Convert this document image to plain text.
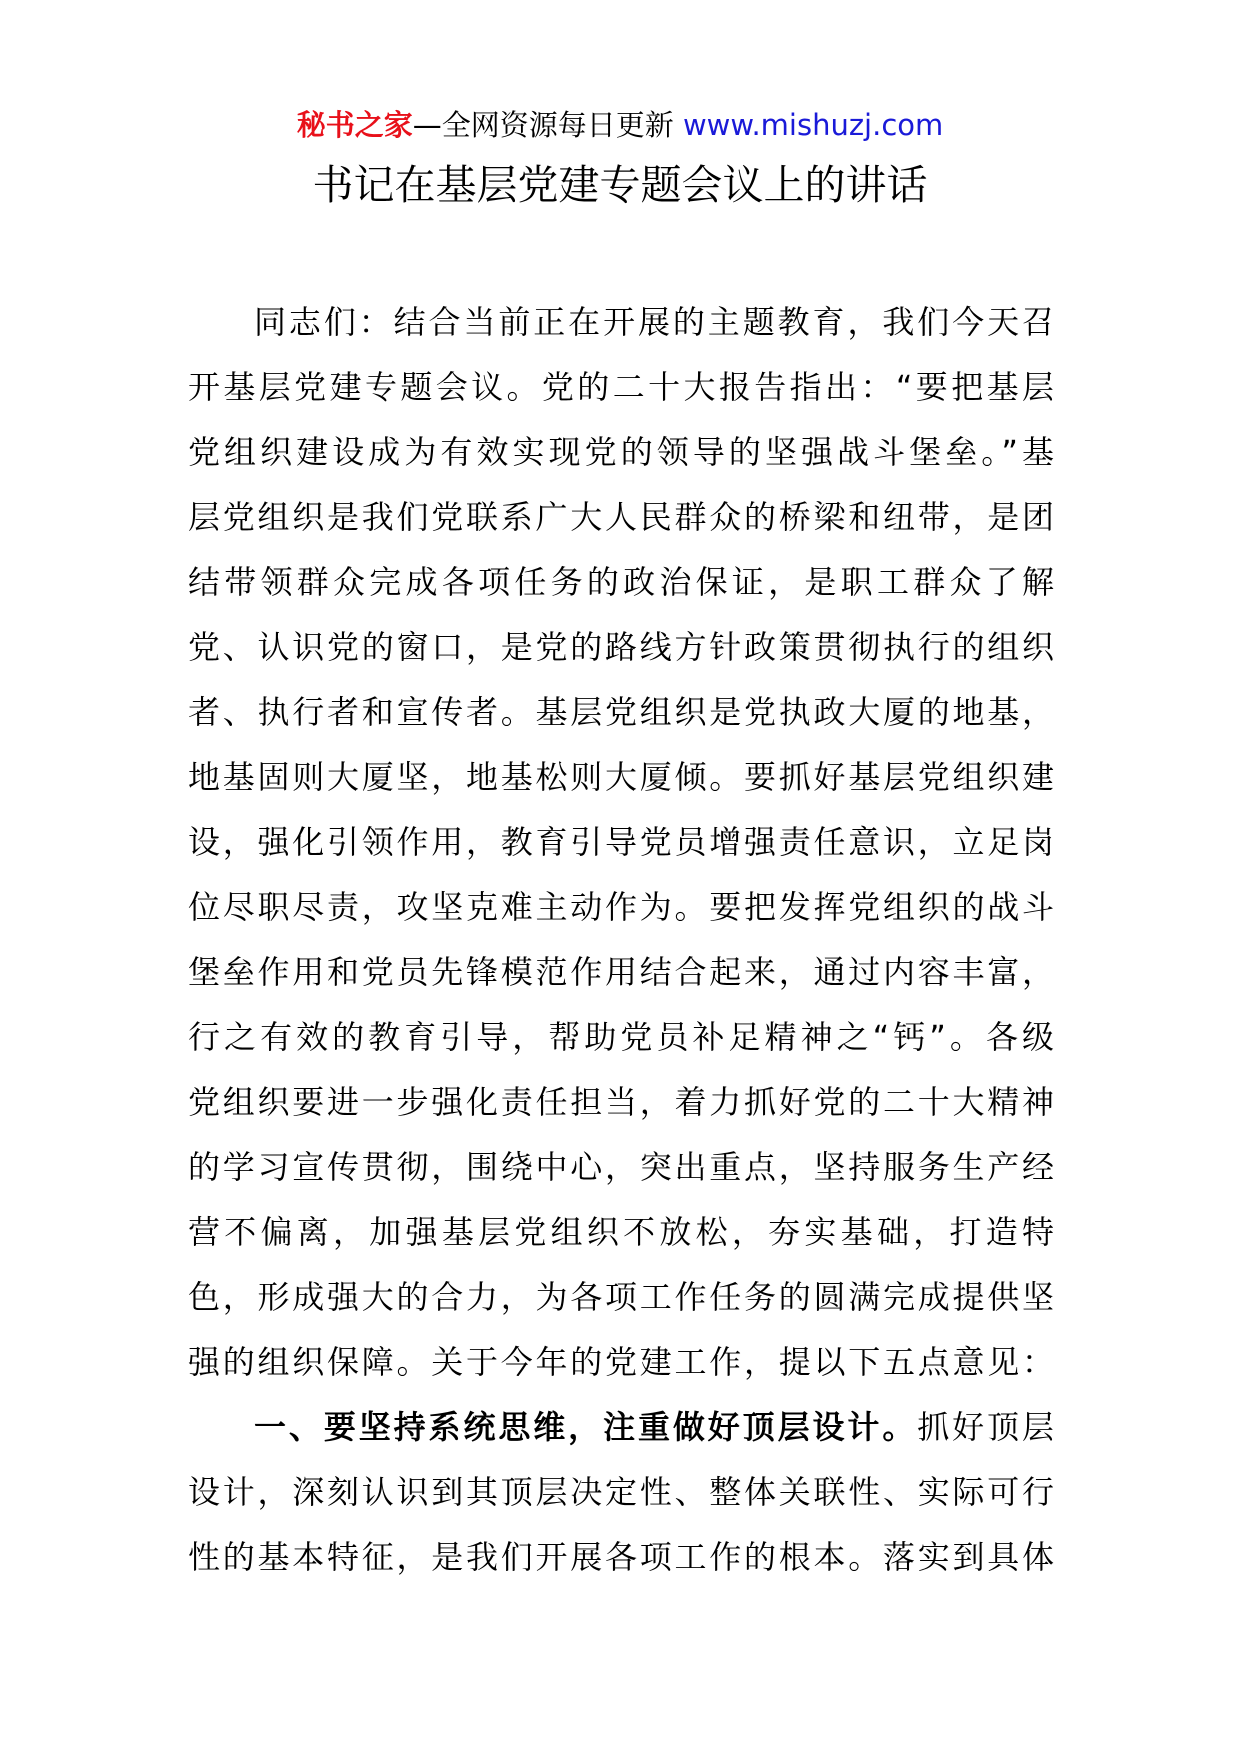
秘书之家—全网资源每日更新 www.mishuzj.com
书记在基层党建专题会议上的讲话
同志们：结合当前正在开展的主题教育，我们今天召
开基层党建专题会议。党的二十大报告指出：“要把基层
党组织建设成为有效实现党的领导的坚强战斗堡垒。”基
层党组织是我们党联系广大人民群众的桥梁和纽带，是团
结带领群众完成各项任务的政治保证，是职工群众了解
党、认识党的窗口，是党的路线方针政策贯彻执行的组织
者、执行者和宣传者。基层党组织是党执政大厦的地基，
地基固则大厦坚，地基松则大厦倾。要抓好基层党组织建
设，强化引领作用，教育引导党员增强责任意识，立足岗
位尽职尽责，攻坚克难主动作为。要把发挥党组织的战斗
堡垒作用和党员先锋模范作用结合起来，通过内容丰富，
行之有效的教育引导，帮助党员补足精神之“钙”。各级
党组织要进一步强化责任担当，着力抓好党的二十大精神
的学习宣传贯彻，围绕中心，突出重点，坚持服务生产经
营不偏离，加强基层党组织不放松，夯实基础，打造特
色，形成强大的合力，为各项工作任务的圆满完成提供坚
强的组织保障。关于今年的党建工作，提以下五点意见：
一、要坚持系统思维，注重做好顶层设计。抓好顶层
设计，深刻认识到其顶层决定性、整体关联性、实际可行
性的基本特征，是我们开展各项工作的根本。落实到具体
